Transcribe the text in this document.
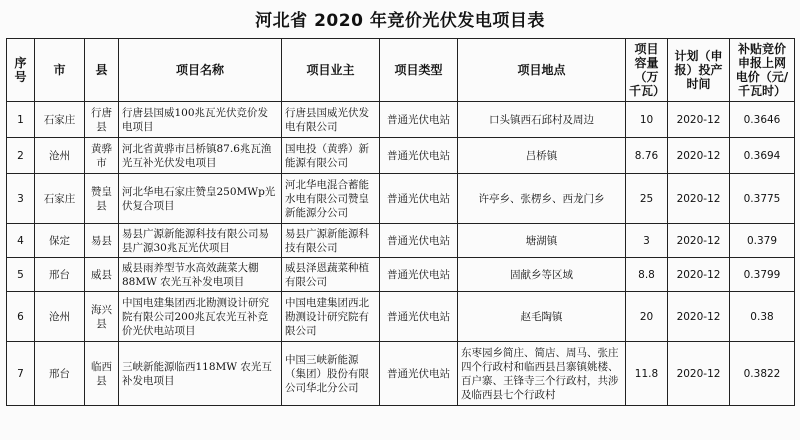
河北省 2020 年竞价光伏发电项目表
序号	市	县	项目名称	项目业主	项目类型	项目地点	项目容量（万千瓦）	计划（申报）投产时间	补贴竞价申报上网电价（元/千瓦时）
1	石家庄	行唐县	行唐县国威100兆瓦光伏竞价发电项目	行唐县国威光伏发电有限公司	普通光伏电站	口头镇西石邱村及周边	10	2020-12	0.3646
2	沧州	黄骅市	河北省黄骅市吕桥镇87.6兆瓦渔光互补光伏发电项目	国电投（黄骅）新能源有限公司	普通光伏电站	吕桥镇	8.76	2020-12	0.3694
3	石家庄	赞皇县	河北华电石家庄赞皇250MWp光伏复合项目	河北华电混合蓄能水电有限公司赞皇新能源分公司	普通光伏电站	许亭乡、张楞乡、西龙门乡	25	2020-12	0.3775
4	保定	易县	易县广源新能源科技有限公司易县广源30兆瓦光伏项目	易县广源新能源科技有限公司	普通光伏电站	塘湖镇	3	2020-12	0.379
5	邢台	威县	威县雨养型节水高效蔬菜大棚88MW 农光互补发电项目	威县泽恩蔬菜种植有限公司	普通光伏电站	固献乡等区域	8.8	2020-12	0.3799
6	沧州	海兴县	中国电建集团西北勘测设计研究院有限公司200兆瓦农光互补竞价光伏电站项目	中国电建集团西北勘测设计研究院有限公司	普通光伏电站	赵毛陶镇	20	2020-12	0.38
7	邢台	临西县	三峡新能源临西118MW 农光互补发电项目	中国三峡新能源（集团）股份有限公司华北分公司	普通光伏电站	东枣园乡简庄、简店、周马、张庄四个行政村和临西县吕寨镇姚楼、百户寨、王锋寺三个行政村，共涉及临西县七个行政村	11.8	2020-12	0.3822
